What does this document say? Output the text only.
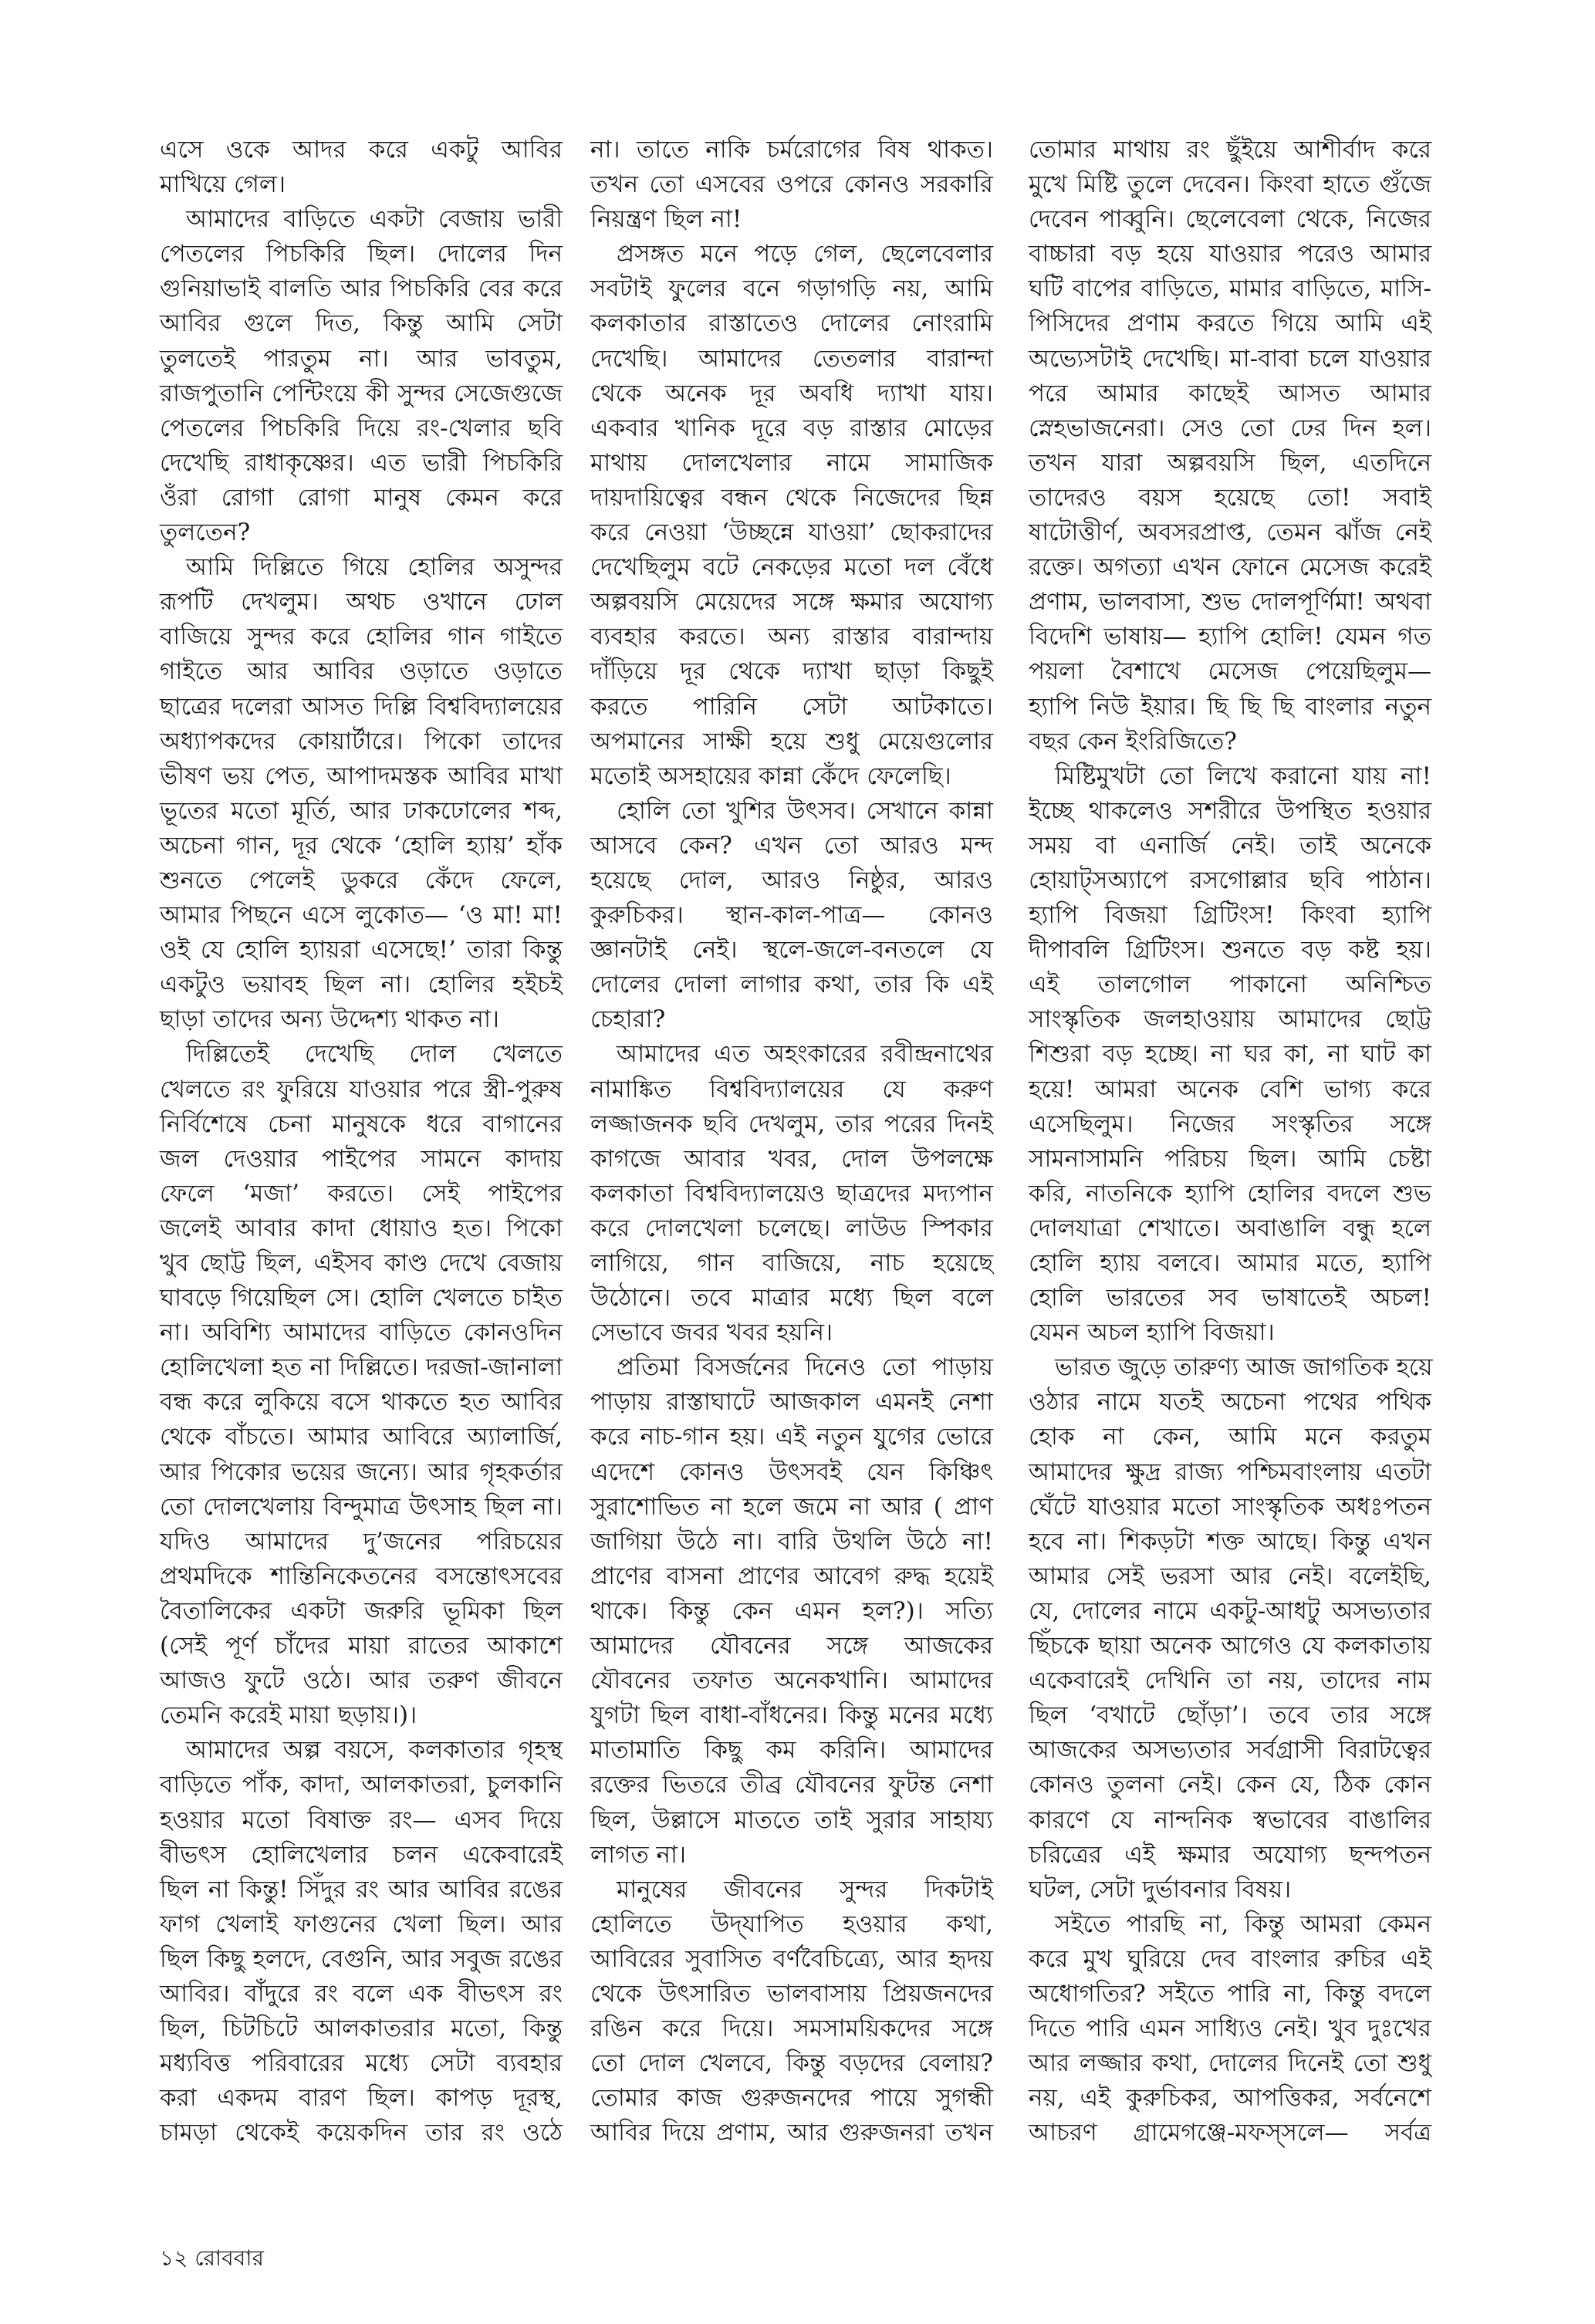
এসে ওকে আদর করে একটু আবির
মাখিয়ে গেল।
আমাদের বাড়িতে একটা বেজায় ভারী
পেতলের পিচকিরি ছিল। দোলের দিন
গুনিয়াভাই বালতি আর পিচকিরি বের করে
আবির গুলে দিত, কিন্তু আমি সেটা
তুলতেই পারতুম না। আর ভাবতুম,
রাজপুতানি পেন্টিংয়ে কী সুন্দর সেজেগুজে
পেতলের পিচকিরি দিয়ে রং-খেলার ছবি
দেখেছি রাধাকৃষ্ণের। এত ভারী পিচকিরি
ওঁরা রোগা রোগা মানুষ কেমন করে
তুলতেন?
আমি দিল্লিতে গিয়ে হোলির অসুন্দর
রূপটি দেখলুম। অথচ ওখানে ঢোল
বাজিয়ে সুন্দর করে হোলির গান গাইতে
গাইতে আর আবির ওড়াতে ওড়াতে
ছাত্রের দলেরা আসত দিল্লি বিশ্ববিদ্যালয়ের
অধ্যাপকদের কোয়ার্টারে। পিকো তাদের
ভীষণ ভয় পেত, আপাদমস্তক আবির মাখা
ভূতের মতো মূর্তি, আর ঢাকঢোলের শব্দ,
অচেনা গান, দূর থেকে ‘হোলি হ্যায়’ হাঁক
শুনতে পেলেই ডুকরে কেঁদে ফেলে,
আমার পিছনে এসে লুকোত— ‘ও মা! মা!
ওই যে হোলি হ্যায়রা এসেছে!’ তারা কিন্তু
একটুও ভয়াবহ ছিল না। হোলির হইচই
ছাড়া তাদের অন্য উদ্দেশ্য থাকত না।
দিল্লিতেই দেখেছি দোল খেলতে
খেলতে রং ফুরিয়ে যাওয়ার পরে স্ত্রী-পুরুষ
নির্বিশেষে চেনা মানুষকে ধরে বাগানের
জল দেওয়ার পাইপের সামনে কাদায়
ফেলে ‘মজা’ করতে। সেই পাইপের
জলেই আবার কাদা ধোয়াও হত। পিকো
খুব ছোট্ট ছিল, এইসব কাণ্ড দেখে বেজায়
ঘাবড়ে গিয়েছিল সে। হোলি খেলতে চাইত
না। অবিশ্যি আমাদের বাড়িতে কোনওদিন
হোলিখেলা হত না দিল্লিতে। দরজা-জানালা
বন্ধ করে লুকিয়ে বসে থাকতে হত আবির
থেকে বাঁচতে। আমার আবিরে অ্যালার্জি,
আর পিকোর ভয়ের জন্যে। আর গৃহকর্তার
তো দোলখেলায় বিন্দুমাত্র উৎসাহ ছিল না।
যদিও আমাদের দু’জনের পরিচয়ের
প্রথমদিকে শান্তিনিকেতনের বসন্তোৎসবের
বৈতালিকের একটা জরুরি ভূমিকা ছিল
(সেই পূর্ণ চাঁদের মায়া রাতের আকাশে
আজও ফুটে ওঠে। আর তরুণ জীবনে
তেমনি করেই মায়া ছড়ায়।)।
আমাদের অল্প বয়সে, কলকাতার গৃহস্থ
বাড়িতে পাঁক, কাদা, আলকাতরা, চুলকানি
হওয়ার মতো বিষাক্ত রং— এসব দিয়ে
বীভৎস হোলিখেলার চলন একেবারেই
ছিল না কিন্তু! সিঁদুর রং আর আবির রঙের
ফাগ খেলাই ফাগুনের খেলা ছিল। আর
ছিল কিছু হলদে, বেগুনি, আর সবুজ রঙের
আবির। বাঁদুরে রং বলে এক বীভৎস রং
ছিল, চিটচিটে আলকাতরার মতো, কিন্তু
মধ্যবিত্ত পরিবারের মধ্যে সেটা ব্যবহার
করা একদম বারণ ছিল। কাপড় দূরস্থ,
চামড়া থেকেই কয়েকদিন তার রং ওঠে
না। তাতে নাকি চর্মরোগের বিষ থাকত।
তখন তো এসবের ওপরে কোনও সরকারি
নিয়ন্ত্রণ ছিল না!
প্রসঙ্গত মনে পড়ে গেল, ছেলেবেলার
সবটাই ফুলের বনে গড়াগড়ি নয়, আমি
কলকাতার রাস্তাতেও দোলের নোংরামি
দেখেছি। আমাদের তেতলার বারান্দা
থেকে অনেক দূর অবধি দ্যাখা যায়।
একবার খানিক দূরে বড় রাস্তার মোড়ের
মাথায় দোলখেলার নামে সামাজিক
দায়দায়িত্বের বন্ধন থেকে নিজেদের ছিন্ন
করে নেওয়া ‘উচ্ছন্নে যাওয়া’ ছোকরাদের
দেখেছিলুম বটে নেকড়ের মতো দল বেঁধে
অল্পবয়সি মেয়েদের সঙ্গে ক্ষমার অযোগ্য
ব্যবহার করতে। অন্য রাস্তার বারান্দায়
দাঁড়িয়ে দূর থেকে দ্যাখা ছাড়া কিছুই
করতে পারিনি সেটা আটকাতে।
অপমানের সাক্ষী হয়ে শুধু মেয়েগুলোর
মতোই অসহায়ের কান্না কেঁদে ফেলেছি।
হোলি তো খুশির উৎসব। সেখানে কান্না
আসবে কেন? এখন তো আরও মন্দ
হয়েছে দোল, আরও নিষ্ঠুর, আরও
কুরুচিকর। স্থান-কাল-পাত্র— কোনও
জ্ঞানটাই নেই। স্থলে-জলে-বনতলে যে
দোলের দোলা লাগার কথা, তার কি এই
চেহারা?
আমাদের এত অহংকারের রবীন্দ্রনাথের
নামাঙ্কিত বিশ্ববিদ্যালয়ের যে করুণ
লজ্জাজনক ছবি দেখলুম, তার পরের দিনই
কাগজে আবার খবর, দোল উপলক্ষে
কলকাতা বিশ্ববিদ্যালয়েও ছাত্রদের মদ্যপান
করে দোলখেলা চলেছে। লাউড স্পিকার
লাগিয়ে, গান বাজিয়ে, নাচ হয়েছে
উঠোনে। তবে মাত্রার মধ্যে ছিল বলে
সেভাবে জবর খবর হয়নি।
প্রতিমা বিসর্জনের দিনেও তো পাড়ায়
পাড়ায় রাস্তাঘাটে আজকাল এমনই নেশা
করে নাচ-গান হয়। এই নতুন যুগের ভোরে
এদেশে কোনও উৎসবই যেন কিঞ্চিৎ
সুরাশোভিত না হলে জমে না আর ( প্রাণ
জাগিয়া উঠে না। বারি উথলি উঠে না!
প্রাণের বাসনা প্রাণের আবেগ রুদ্ধ হয়েই
থাকে। কিন্তু কেন এমন হল?)। সত্যি
আমাদের যৌবনের সঙ্গে আজকের
যৌবনের তফাত অনেকখানি। আমাদের
যুগটা ছিল বাধা-বাঁধনের। কিন্তু মনের মধ্যে
মাতামাতি কিছু কম করিনি। আমাদের
রক্তের ভিতরে তীব্র যৌবনের ফুটন্ত নেশা
ছিল, উল্লাসে মাততে তাই সুরার সাহায্য
লাগত না।
মানুষের জীবনের সুন্দর দিকটাই
হোলিতে উদ্‌যাপিত হওয়ার কথা,
আবিরের সুবাসিত বর্ণবৈচিত্র্যে, আর হৃদয়
থেকে উৎসারিত ভালবাসায় প্রিয়জনদের
রঙিন করে দিয়ে। সমসাময়িকদের সঙ্গে
তো দোল খেলবে, কিন্তু বড়দের বেলায়?
তোমার কাজ গুরুজনদের পায়ে সুগন্ধী
আবির দিয়ে প্রণাম, আর গুরুজনরা তখন
তোমার মাথায় রং ছুঁইয়ে আশীর্বাদ করে
মুখে মিষ্টি তুলে দেবেন। কিংবা হাতে গুঁজে
দেবেন পাব্বুনি। ছেলেবেলা থেকে, নিজের
বাচ্চারা বড় হয়ে যাওয়ার পরেও আমার
ঘটি বাপের বাড়িতে, মামার বাড়িতে, মাসি-
পিসিদের প্রণাম করতে গিয়ে আমি এই
অভ্যেসটাই দেখেছি। মা-বাবা চলে যাওয়ার
পরে আমার কাছেই আসত আমার
স্নেহভাজনেরা। সেও তো ঢের দিন হল।
তখন যারা অল্পবয়সি ছিল, এতদিনে
তাদেরও বয়স হয়েছে তো! সবাই
ষাটোত্তীর্ণ, অবসরপ্রাপ্ত, তেমন ঝাঁজ নেই
রক্তে। অগত্যা এখন ফোনে মেসেজ করেই
প্রণাম, ভালবাসা, শুভ দোলপূর্ণিমা! অথবা
বিদেশি ভাষায়— হ্যাপি হোলি! যেমন গত
পয়লা বৈশাখে মেসেজ পেয়েছিলুম—
হ্যাপি নিউ ইয়ার। ছি ছি ছি বাংলার নতুন
বছর কেন ইংরিজিতে?
মিষ্টিমুখটা তো লিখে করানো যায় না!
ইচ্ছে থাকলেও সশরীরে উপস্থিত হওয়ার
সময় বা এনার্জি নেই। তাই অনেকে
হোয়াট্‌সঅ্যাপে রসগোল্লার ছবি পাঠান।
হ্যাপি বিজয়া গ্রিটিংস! কিংবা হ্যাপি
দীপাবলি গ্রিটিংস। শুনতে বড় কষ্ট হয়।
এই তালগোল পাকানো অনিশ্চিত
সাংস্কৃতিক জলহাওয়ায় আমাদের ছোট্ট
শিশুরা বড় হচ্ছে। না ঘর কা, না ঘাট কা
হয়ে! আমরা অনেক বেশি ভাগ্য করে
এসেছিলুম। নিজের সংস্কৃতির সঙ্গে
সামনাসামনি পরিচয় ছিল। আমি চেষ্টা
করি, নাতনিকে হ্যাপি হোলির বদলে শুভ
দোলযাত্রা শেখাতে। অবাঙালি বন্ধু হলে
হোলি হ্যায় বলবে। আমার মতে, হ্যাপি
হোলি ভারতের সব ভাষাতেই অচল!
যেমন অচল হ্যাপি বিজয়া।
ভারত জুড়ে তারুণ্য আজ জাগতিক হয়ে
ওঠার নামে যতই অচেনা পথের পথিক
হোক না কেন, আমি মনে করতুম
আমাদের ক্ষুদ্র রাজ্য পশ্চিমবাংলায় এতটা
ঘেঁটে যাওয়ার মতো সাংস্কৃতিক অধঃপতন
হবে না। শিকড়টা শক্ত আছে। কিন্তু এখন
আমার সেই ভরসা আর নেই। বলেইছি,
যে, দোলের নামে একটু-আধটু অসভ্যতার
ছিঁচকে ছায়া অনেক আগেও যে কলকাতায়
একেবারেই দেখিনি তা নয়, তাদের নাম
ছিল ‘বখাটে ছোঁড়া’। তবে তার সঙ্গে
আজকের অসভ্যতার সর্বগ্রাসী বিরাটত্বের
কোনও তুলনা নেই। কেন যে, ঠিক কোন
কারণে যে নান্দনিক স্বভাবের বাঙালির
চরিত্রের এই ক্ষমার অযোগ্য ছন্দপতন
ঘটল, সেটা দুর্ভাবনার বিষয়।
সইতে পারছি না, কিন্তু আমরা কেমন
করে মুখ ঘুরিয়ে দেব বাংলার রুচির এই
অধোগতির? সইতে পারি না, কিন্তু বদলে
দিতে পারি এমন সাধ্যিও নেই। খুব দুঃখের
আর লজ্জার কথা, দোলের দিনেই তো শুধু
নয়, এই কুরুচিকর, আপত্তিকর, সর্বনেশে
আচরণ গ্রামেগঞ্জে-মফস্সলে— সর্বত্র
১২ রোববার
